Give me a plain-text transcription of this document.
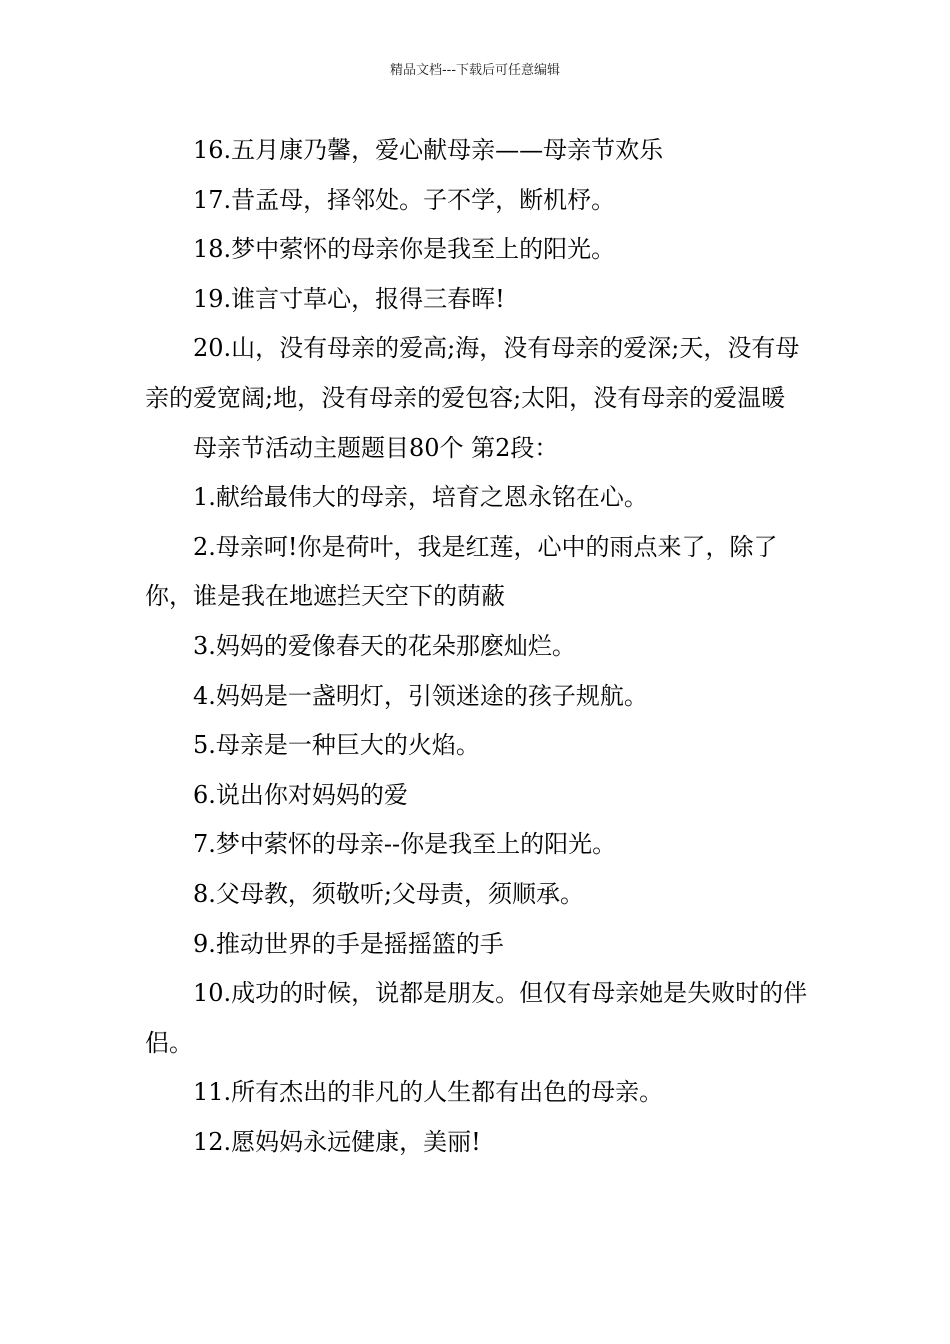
精品文档---下载后可任意编辑

16.五月康乃馨，爱心献母亲——母亲节欢乐

17.昔孟母，择邻处。子不学，断机杼。

18.梦中萦怀的母亲你是我至上的阳光。

19.谁言寸草心，报得三春晖!

20.山，没有母亲的爱高;海，没有母亲的爱深;天，没有母亲的爱宽阔;地，没有母亲的爱包容;太阳，没有母亲的爱温暖

母亲节活动主题题目80个 第2段：

1.献给最伟大的母亲，培育之恩永铭在心。

2.母亲呵!你是荷叶，我是红莲，心中的雨点来了，除了你，谁是我在地遮拦天空下的荫蔽

3.妈妈的爱像春天的花朵那麽灿烂。

4.妈妈是一盏明灯，引领迷途的孩子规航。

5.母亲是一种巨大的火焰。

6.说出你对妈妈的爱

7.梦中萦怀的母亲--你是我至上的阳光。

8.父母教，须敬听;父母责，须顺承。

9.推动世界的手是摇摇篮的手

10.成功的时候，说都是朋友。但仅有母亲她是失败时的伴侣。

11.所有杰出的非凡的人生都有出色的母亲。

12.愿妈妈永远健康，美丽!
